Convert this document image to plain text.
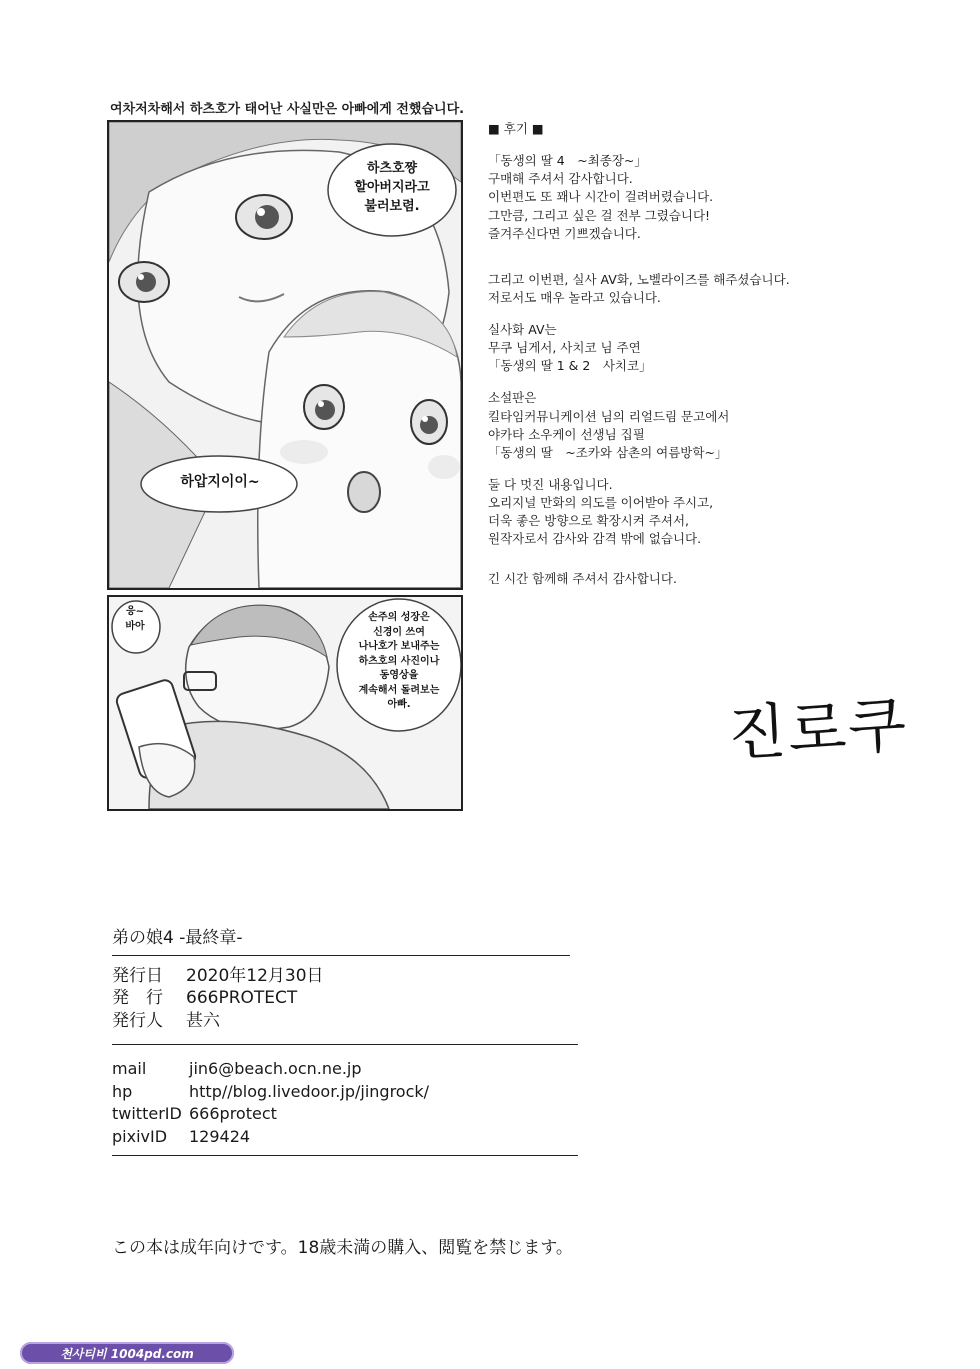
여차저차해서 하츠호가 태어난 사실만은 아빠에게 전했습니다.
하츠호쨩
할아버지라고
불러보렴.
하압지이이~
응~
바아
손주의 성장은
신경이 쓰여
나나호가 보내주는
하츠호의 사진이나
동영상을
계속해서 돌려보는
아빠.
■ 후기 ■

「동생의 딸 4　~최종장~」
구매해 주셔서 감사합니다.
이번편도 또 꽤나 시간이 걸려버렸습니다.
그만큼, 그리고 싶은 걸 전부 그렸습니다!
즐겨주신다면 기쁘겠습니다.

그리고 이번편, 실사 AV화, 노벨라이즈를 해주셨습니다.
저로서도 매우 놀라고 있습니다.

실사화 AV는
무쿠 님게서, 사치코 님 주연
「동생의 딸 1 & 2　사치코」

소설판은
킬타임커뮤니케이션 님의 리얼드림 문고에서
야카타 소우케이 선생님 집필
「동생의 딸　~조카와 삼촌의 여름방학~」

둘 다 멋진 내용입니다.
오리지널 만화의 의도를 이어받아 주시고,
더욱 좋은 방향으로 확장시켜 주셔서,
원작자로서 감사와 감격 밖에 없습니다.

긴 시간 함께해 주셔서 감사합니다.

진로쿠
弟の娘4 -最終章-
発行日	2020年12月30日
発　行	666PROTECT
発行人	甚六
mail	jin6@beach.ocn.ne.jp
hp	http//blog.livedoor.jp/jingrock/
twitterID 666protect
pixivID	129424
この本は成年向けです。18歳未満の購入、閲覧を禁じます。
천사티비 1004pd.com
